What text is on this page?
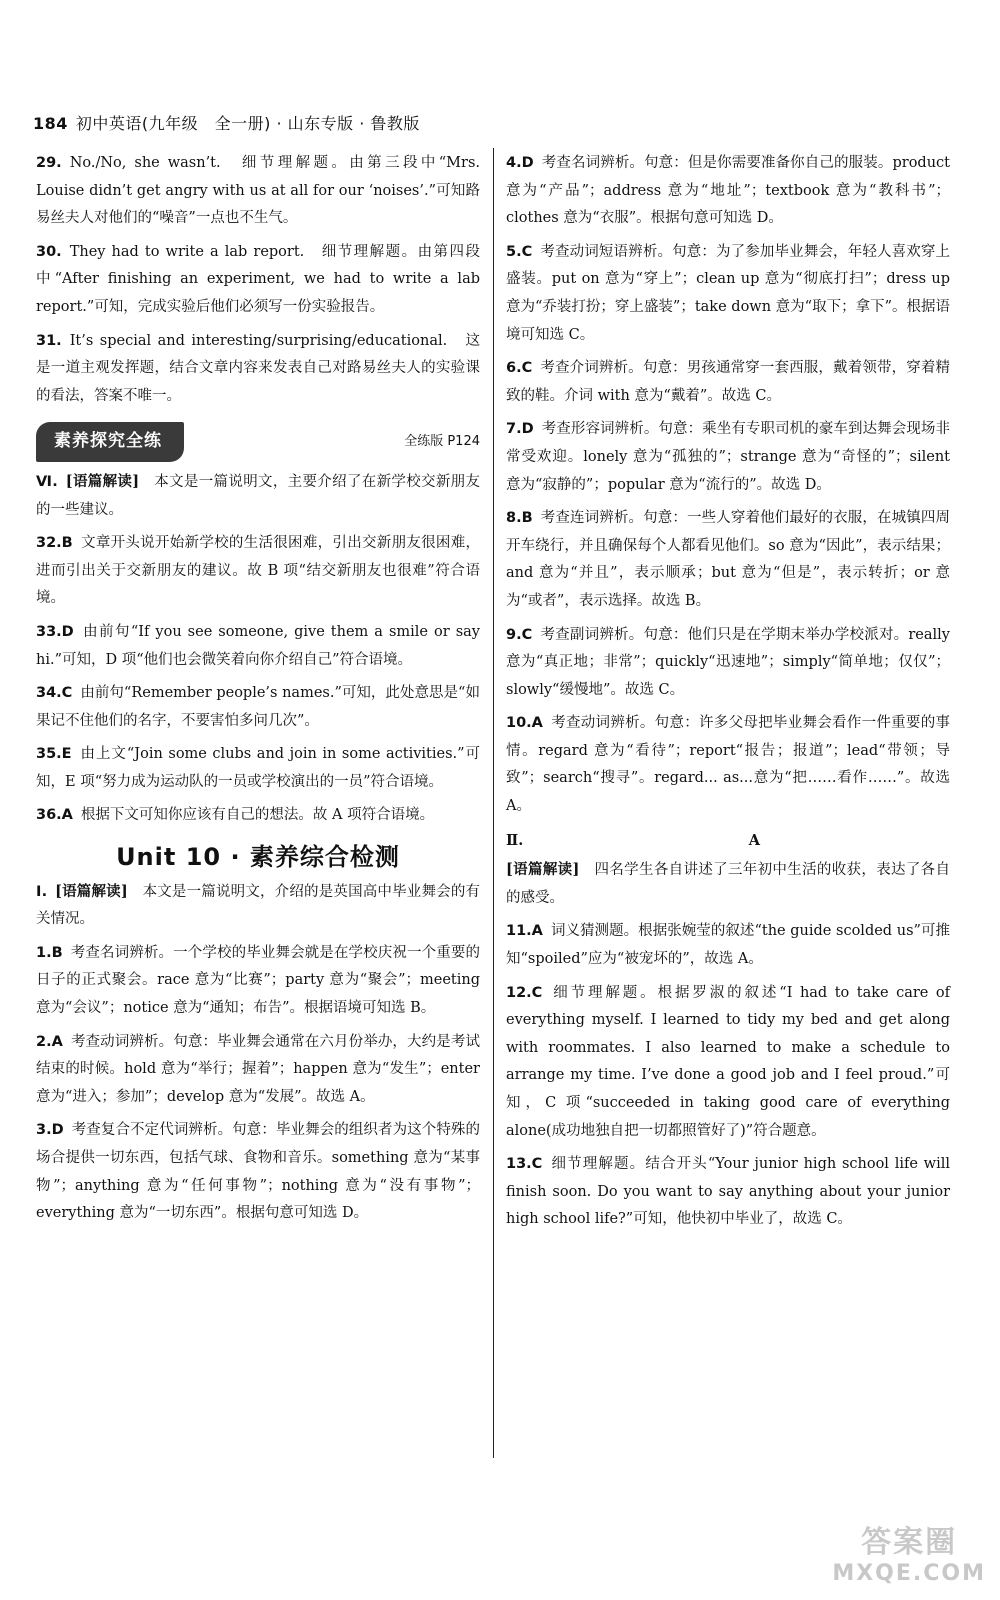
184 初中英语(九年级　全一册) · 山东专版 · 鲁教版
29. No./No, she wasn’t.　细节理解题。由第三段中“Mrs. Louise didn’t get angry with us at all for our ‘noises’.”可知路易丝夫人对他们的“噪音”一点也不生气。
30. They had to write a lab report.　细节理解题。由第四段中“After finishing an experiment, we had to write a lab report.”可知，完成实验后他们必须写一份实验报告。
31. It’s special and interesting/surprising/educational.　这是一道主观发挥题，结合文章内容来发表自己对路易丝夫人的实验课的看法，答案不唯一。
素养探究全练	全练版 P124
Ⅵ. [语篇解读]　 本文是一篇说明文，主要介绍了在新学校交新朋友的一些建议。
32.B 文章开头说开始新学校的生活很困难，引出交新朋友很困难，进而引出关于交新朋友的建议。故 B 项“结交新朋友也很难”符合语境。
33.D 由前句“If you see someone, give them a smile or say hi.”可知，D 项“他们也会微笑着向你介绍自己”符合语境。
34.C 由前句“Remember people’s names.”可知，此处意思是“如果记不住他们的名字，不要害怕多问几次”。
35.E 由上文“Join some clubs and join in some activities.”可知，E 项“努力成为运动队的一员或学校演出的一员”符合语境。
36.A 根据下文可知你应该有自己的想法。故 A 项符合语境。
Unit 10 · 素养综合检测
Ⅰ. [语篇解读]　 本文是一篇说明文，介绍的是英国高中毕业舞会的有关情况。
1.B 考查名词辨析。一个学校的毕业舞会就是在学校庆祝一个重要的日子的正式聚会。race 意为“比赛”；party 意为“聚会”；meeting 意为“会议”；notice 意为“通知；布告”。根据语境可知选 B。
2.A 考查动词辨析。句意：毕业舞会通常在六月份举办，大约是考试结束的时候。hold 意为“举行；握着”；happen 意为“发生”；enter 意为“进入；参加”；develop 意为“发展”。故选 A。
3.D 考查复合不定代词辨析。句意：毕业舞会的组织者为这个特殊的场合提供一切东西，包括气球、食物和音乐。something 意为“某事物”；anything 意为“任何事物”；nothing 意为“没有事物”；everything 意为“一切东西”。根据句意可知选 D。
4.D 考查名词辨析。句意：但是你需要准备你自己的服装。product 意为“产品”；address 意为“地址”；textbook 意为“教科书”；clothes 意为“衣服”。根据句意可知选 D。
5.C 考查动词短语辨析。句意：为了参加毕业舞会，年轻人喜欢穿上盛装。put on 意为“穿上”；clean up 意为“彻底打扫”；dress up 意为“乔装打扮；穿上盛装”；take down 意为“取下；拿下”。根据语境可知选 C。
6.C 考查介词辨析。句意：男孩通常穿一套西服，戴着领带，穿着精致的鞋。介词 with 意为“戴着”。故选 C。
7.D 考查形容词辨析。句意：乘坐有专职司机的豪车到达舞会现场非常受欢迎。lonely 意为“孤独的”；strange 意为“奇怪的”；silent 意为“寂静的”；popular 意为“流行的”。故选 D。
8.B 考查连词辨析。句意：一些人穿着他们最好的衣服，在城镇四周开车绕行，并且确保每个人都看见他们。so 意为“因此”，表示结果；and 意为“并且”，表示顺承；but 意为“但是”，表示转折；or 意为“或者”，表示选择。故选 B。
9.C 考查副词辨析。句意：他们只是在学期末举办学校派对。really 意为“真正地；非常”；quickly“迅速地”；simply“简单地；仅仅”；slowly“缓慢地”。故选 C。
10.A 考查动词辨析。句意：许多父母把毕业舞会看作一件重要的事情。regard 意为“看待”；report“报告；报道”；lead“带领；导致”；search“搜寻”。regard... as...意为“把……看作……”。故选 A。
Ⅱ.	A
[语篇解读]　 四名学生各自讲述了三年初中生活的收获，表达了各自的感受。
11.A 词义猜测题。根据张婉莹的叙述“the guide scolded us”可推知“spoiled”应为“被宠坏的”，故选 A。
12.C 细节理解题。根据罗淑的叙述“I had to take care of everything myself. I learned to tidy my bed and get along with roommates. I also learned to make a schedule to arrange my time. I’ve done a good job and I feel proud.”可知，C 项“succeeded in taking good care of everything alone(成功地独自把一切都照管好了)”符合题意。
13.C 细节理解题。结合开头“Your junior high school life will finish soon. Do you want to say anything about your junior high school life?”可知，他快初中毕业了，故选 C。
答案圈
MXQE.COM
